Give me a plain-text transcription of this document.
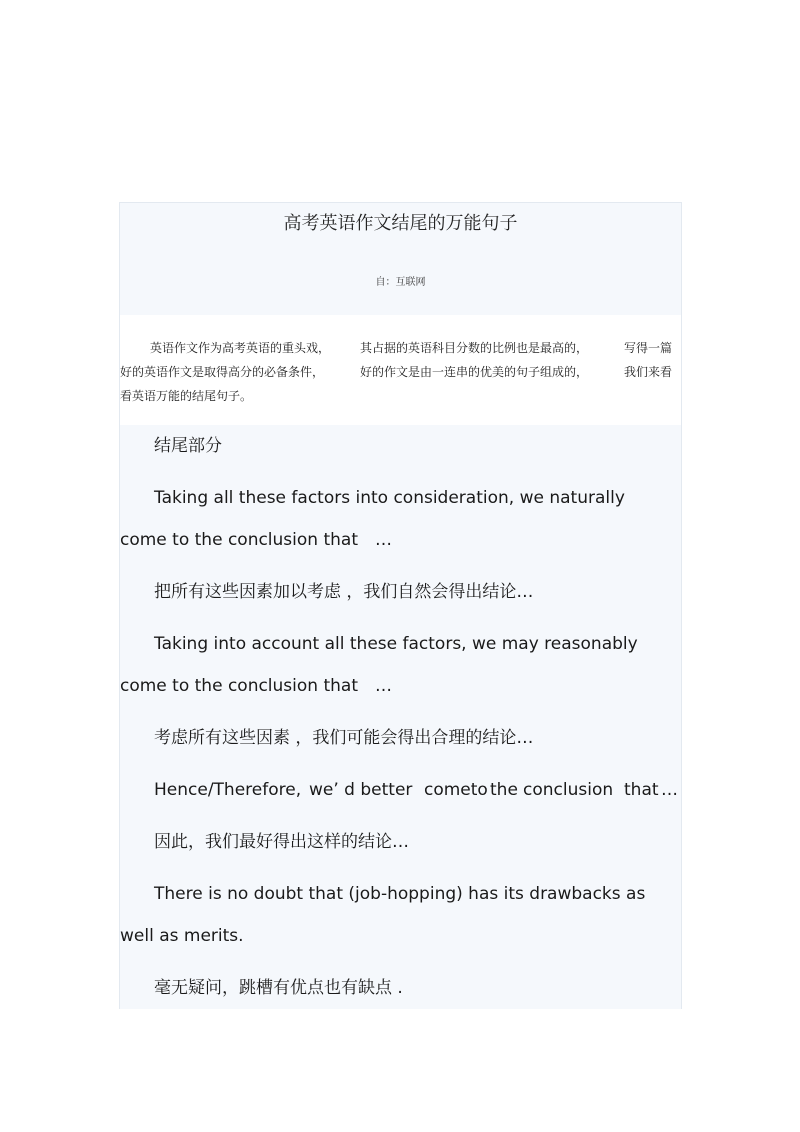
高考英语作文结尾的万能句子
自：互联网
英语作文作为高考英语的重头戏， 其占据的英语科目分数的比例也是最高的，	写得一篇
好的英语作文是取得高分的必备条件，	好的作文是由一连串的优美的句子组成的，	我们来看
看英语万能的结尾句子。
结尾部分
Taking all these factors into consideration, we naturally
come to the conclusion that …
把所有这些因素加以考虑 ，我们自然会得出结论…
Taking into account all these factors, we may reasonably
come to the conclusion that …
考虑所有这些因素 ，我们可能会得出合理的结论…
Hence/Therefore, we’ d better cometo the conclusion that …
因此，我们最好得出这样的结论…
There is no doubt that (job-hopping) has its drawbacks as
well as merits.
毫无疑问，跳槽有优点也有缺点 .
